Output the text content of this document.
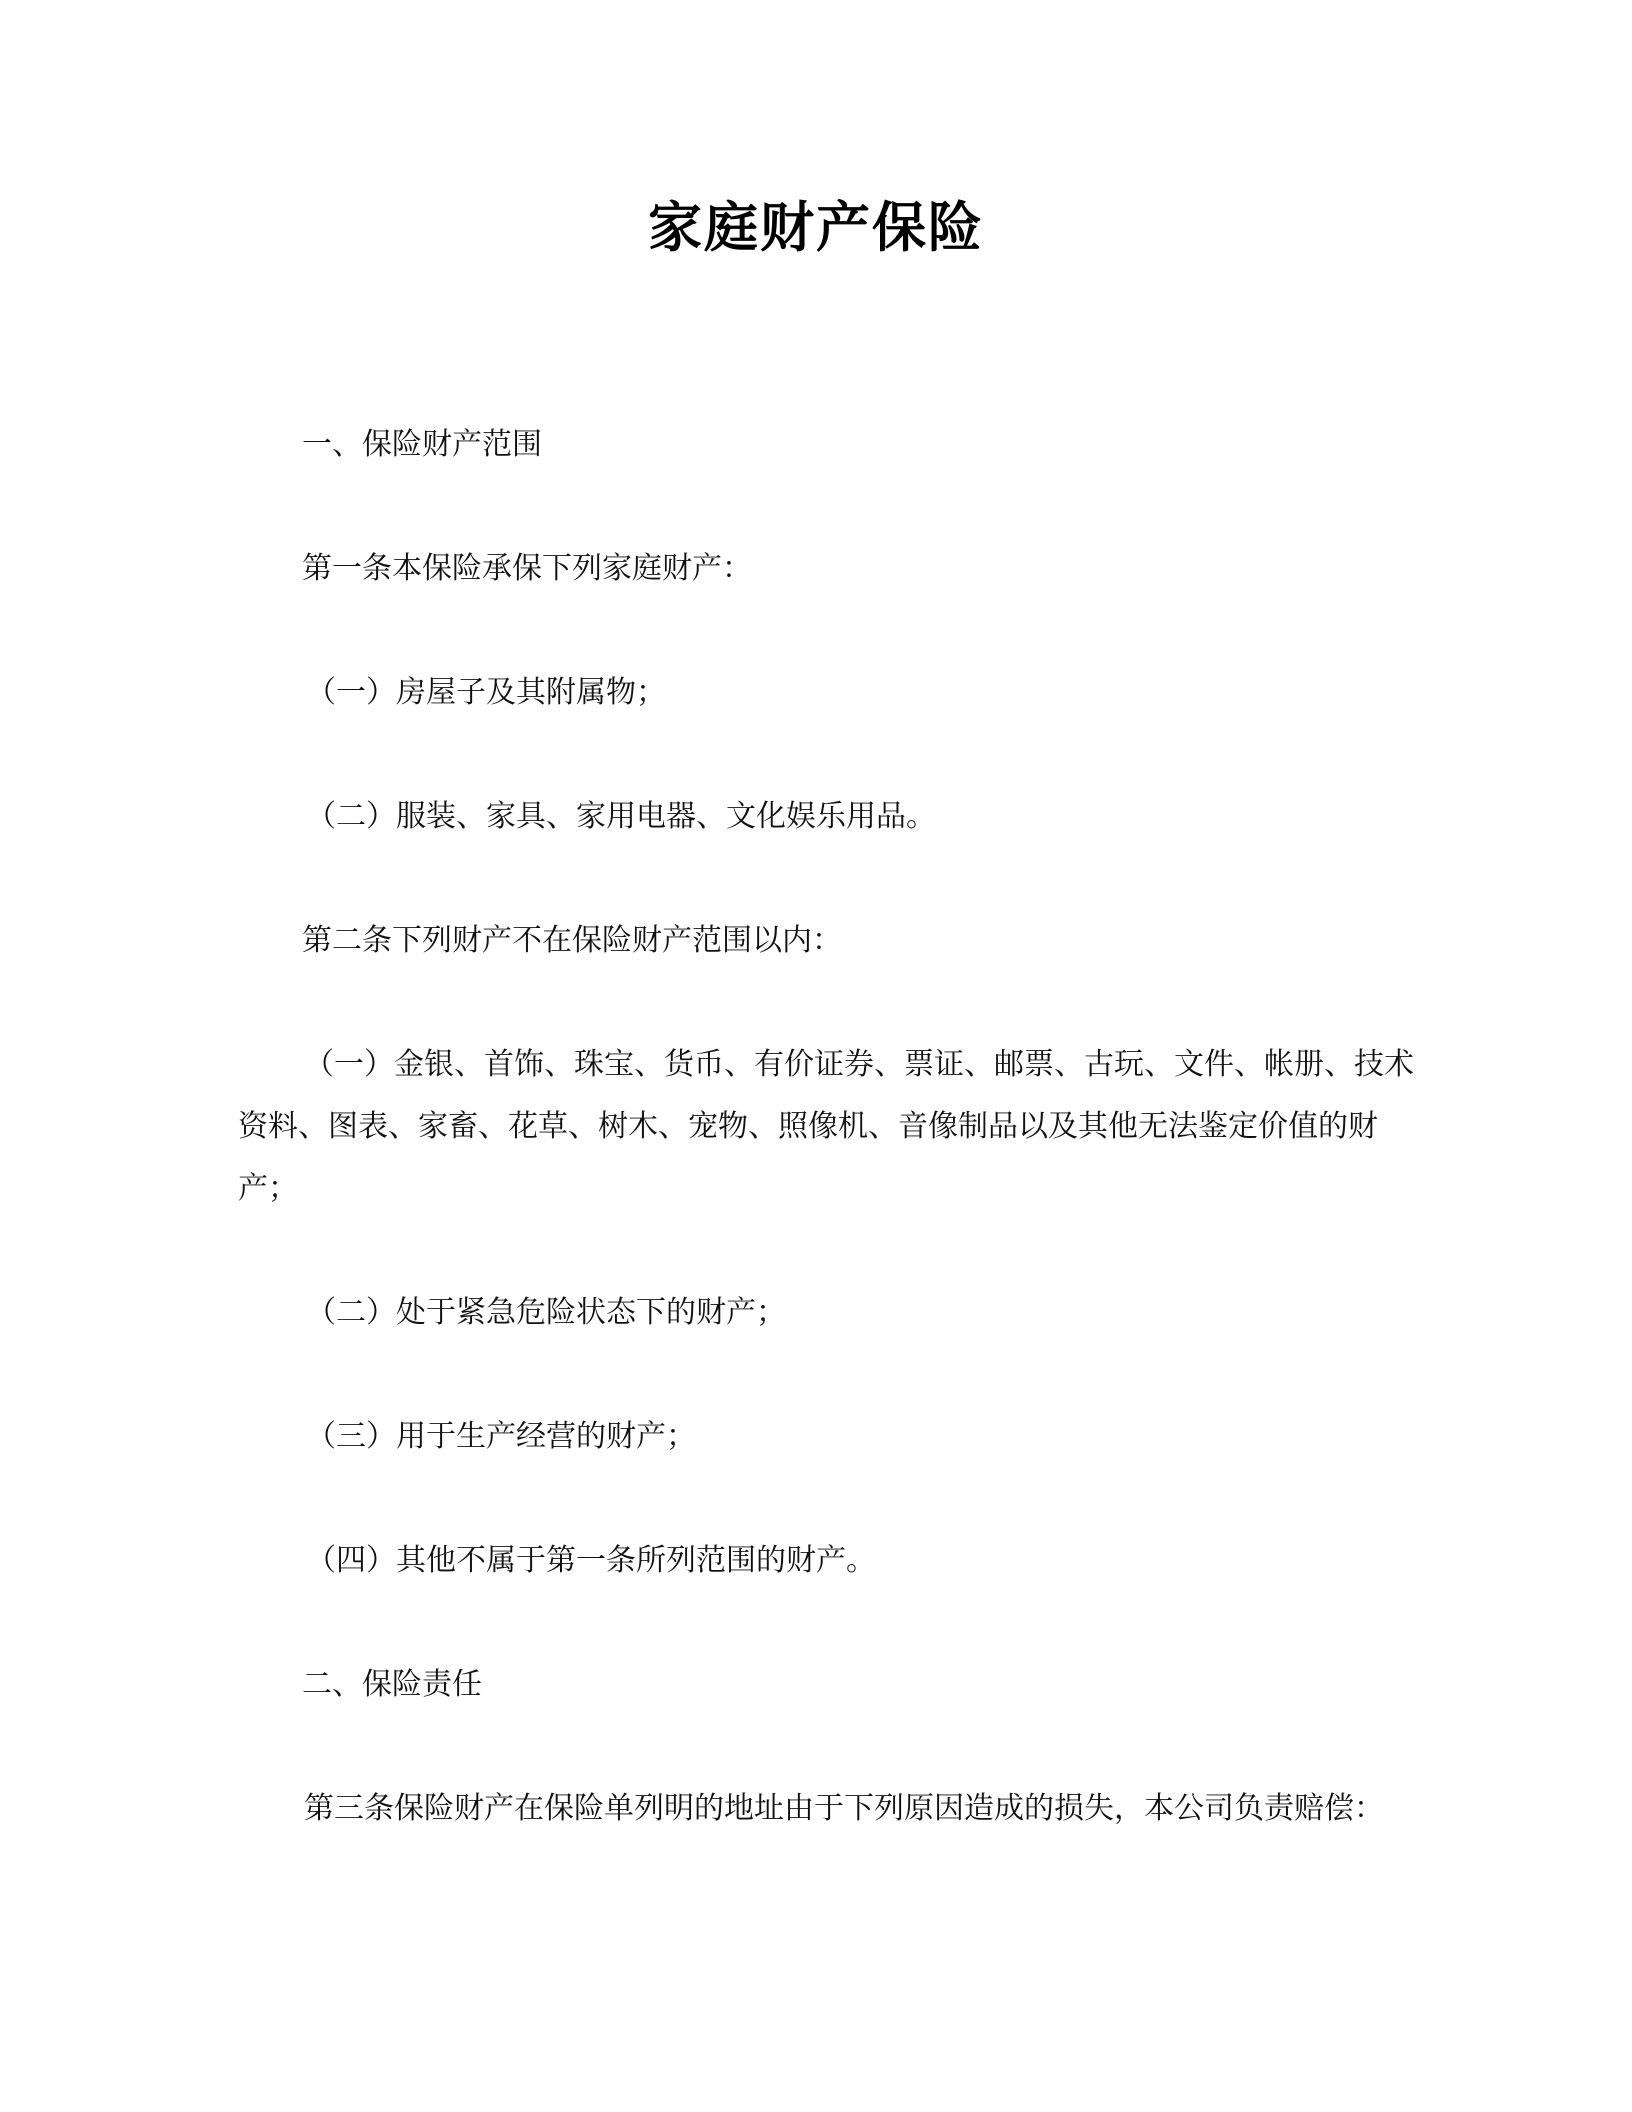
家庭财产保险
一、保险财产范围
第一条本保险承保下列家庭财产：
（一）房屋子及其附属物；
（二）服装、家具、家用电器、文化娱乐用品。
第二条下列财产不在保险财产范围以内：
（一）金银、首饰、珠宝、货币、有价证券、票证、邮票、古玩、文件、帐册、技术资料、图表、家畜、花草、树木、宠物、照像机、音像制品以及其他无法鉴定价值的财产；
（二）处于紧急危险状态下的财产；
（三）用于生产经营的财产；
（四）其他不属于第一条所列范围的财产。
二、保险责任
第三条保险财产在保险单列明的地址由于下列原因造成的损失，本公司负责赔偿：
